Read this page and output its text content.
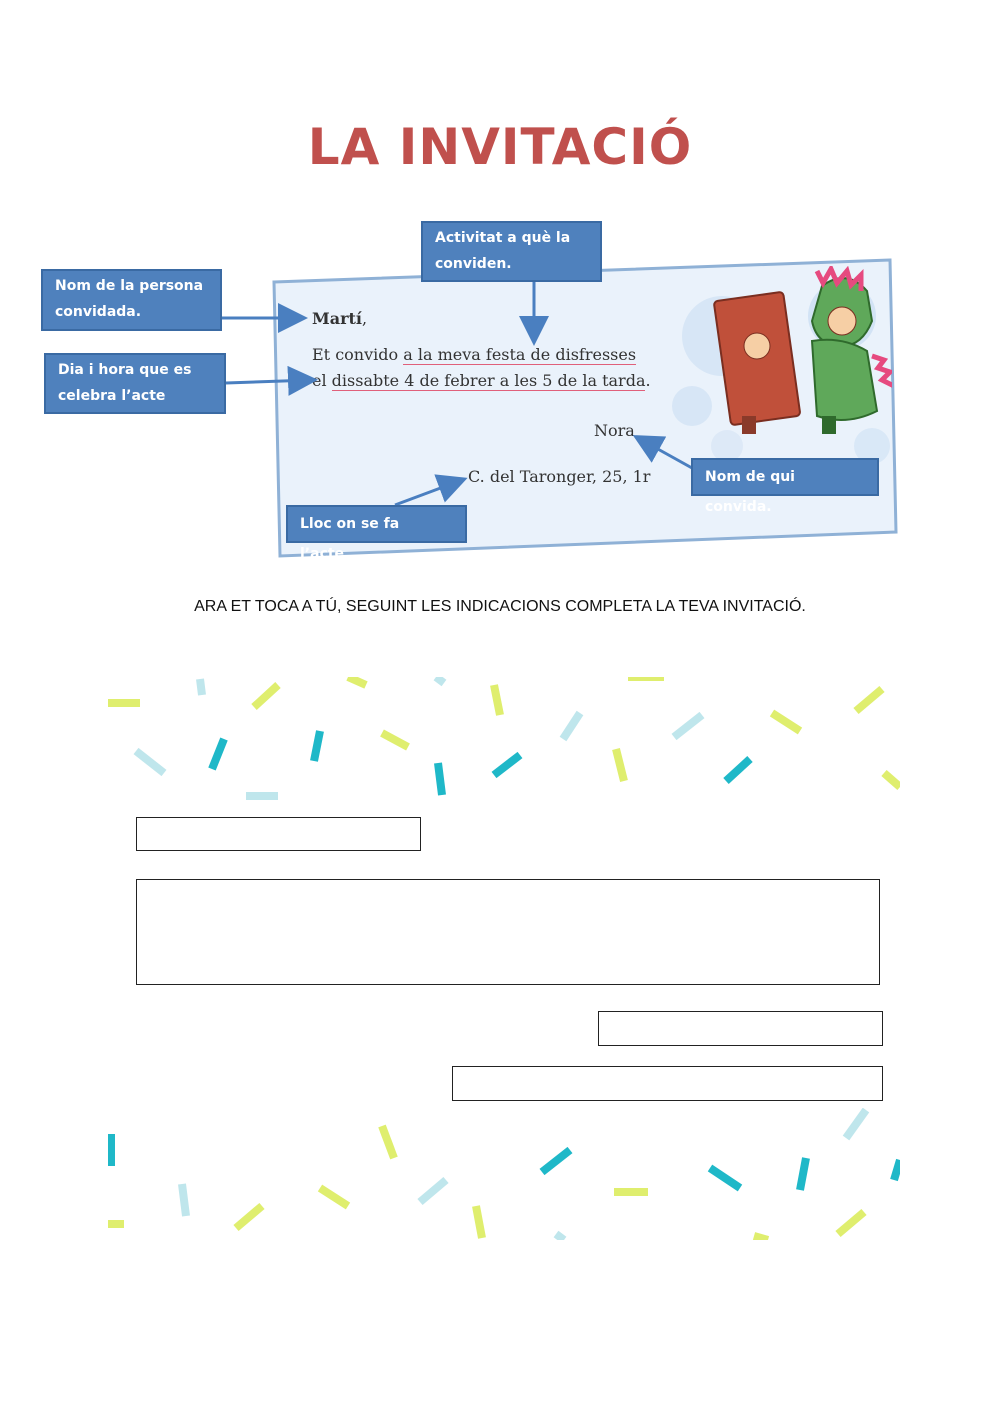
LA INVITACIÓ
Martí,
Et convido a la meva festa de disfresses
el dissabte 4 de febrer a les 5 de la tarda.
Nora
C. del Taronger, 25, 1r
Activitat a què la conviden.
Nom de la persona convidada.
Dia i hora que es celebra l’acte
Nom de qui convida.
Lloc on se fa l’acte.
ARA ET TOCA A TÚ, SEGUINT LES INDICACIONS COMPLETA LA TEVA INVITACIÓ.
